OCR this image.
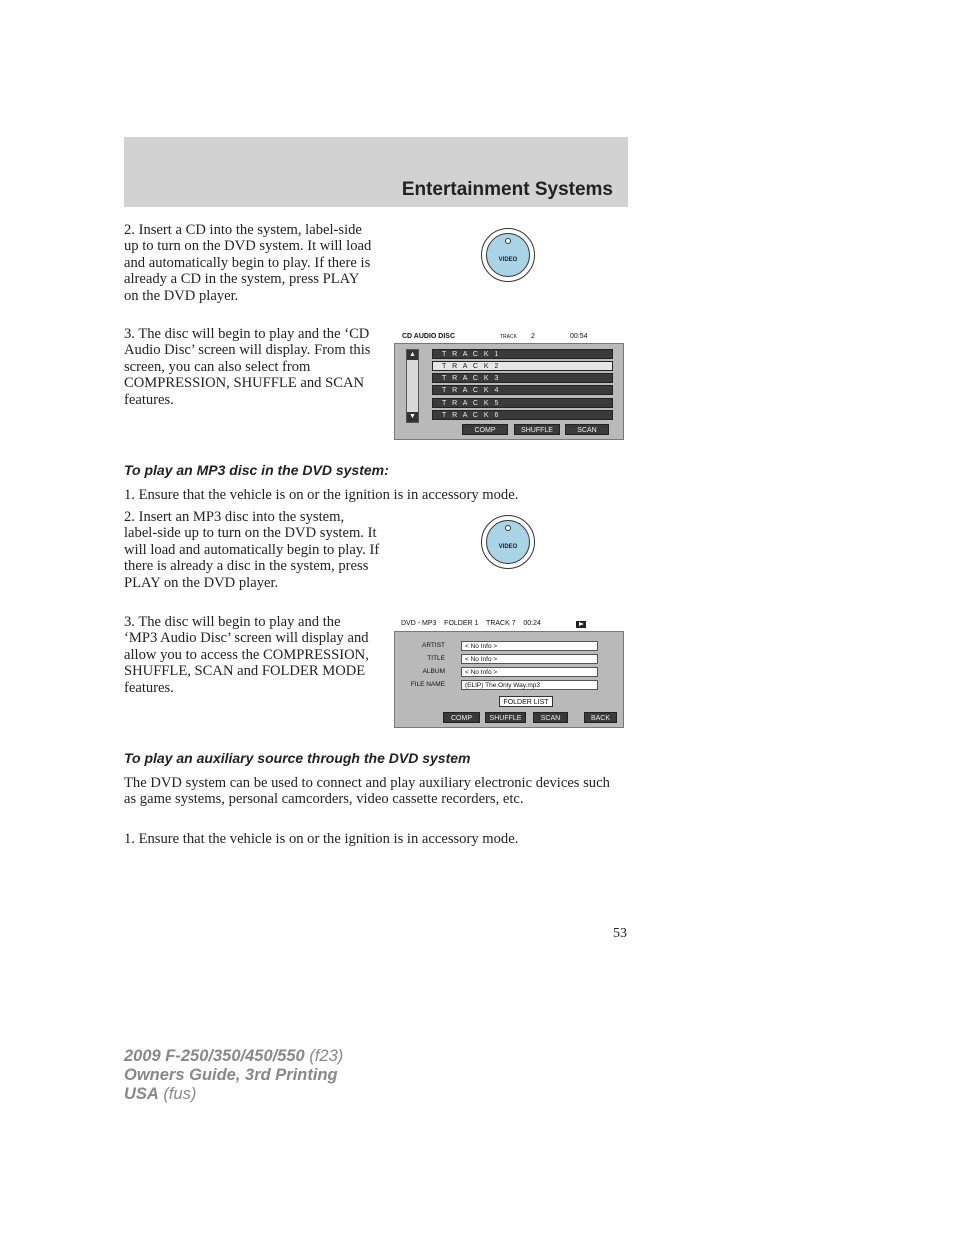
Entertainment Systems

2. Insert a CD into the system, label-side up to turn on the DVD system. It will load and automatically begin to play. If there is already a CD in the system, press PLAY on the DVD player.

VIDEO

3. The disc will begin to play and the ‘CD Audio Disc’ screen will display. From this screen, you can also select from COMPRESSION, SHUFFLE and SCAN features.

CD AUDIO DISC	TRACK 2	00:54
▲
▼
T R A C K 1
T R A C K 2
T R A C K 3
T R A C K 4
T R A C K 5
T R A C K 6
COMP	SHUFFLE	SCAN
To play an MP3 disc in the DVD system:

1. Ensure that the vehicle is on or the ignition is in accessory mode.

2. Insert an MP3 disc into the system, label-side up to turn on the DVD system. It will load and automatically begin to play. If there is already a disc in the system, press PLAY on the DVD player.

VIDEO

3. The disc will begin to play and the ‘MP3 Audio Disc’ screen will display and allow you to access the COMPRESSION, SHUFFLE, SCAN and FOLDER MODE features.

DVD - MP3    FOLDER 1    TRACK 7    00:24
ARTIST	< No Info >
TITLE	< No Info >
ALBUM	< No Info >
FILE NAME	(ELIP) The Only Way.mp3
FOLDER LIST
COMP	SHUFFLE	SCAN	BACK
To play an auxiliary source through the DVD system

The DVD system can be used to connect and play auxiliary electronic devices such as game systems, personal camcorders, video cassette recorders, etc.

1. Ensure that the vehicle is on or the ignition is in accessory mode.

53
2009 F-250/350/450/550 (f23)
Owners Guide, 3rd Printing
USA (fus)
